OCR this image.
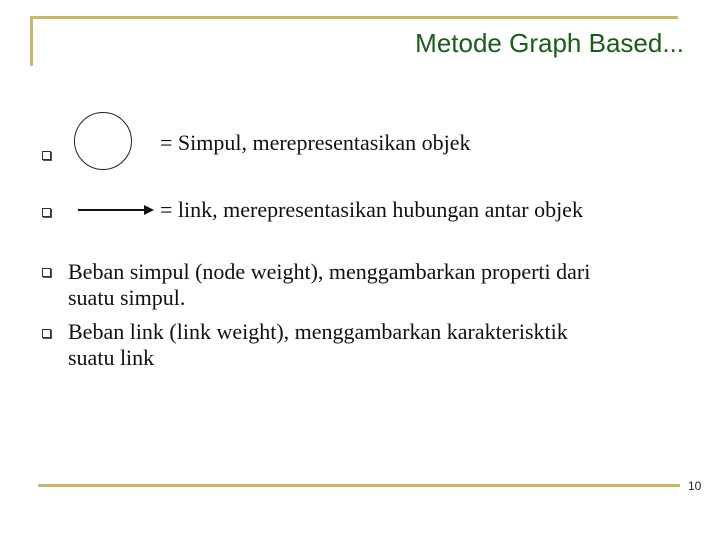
Metode Graph Based...
= Simpul, merepresentasikan objek
= link, merepresentasikan hubungan antar objek
Beban simpul (node weight), menggambarkan properti dari
suatu simpul.
Beban link (link weight), menggambarkan karakterisktik
suatu link
10
